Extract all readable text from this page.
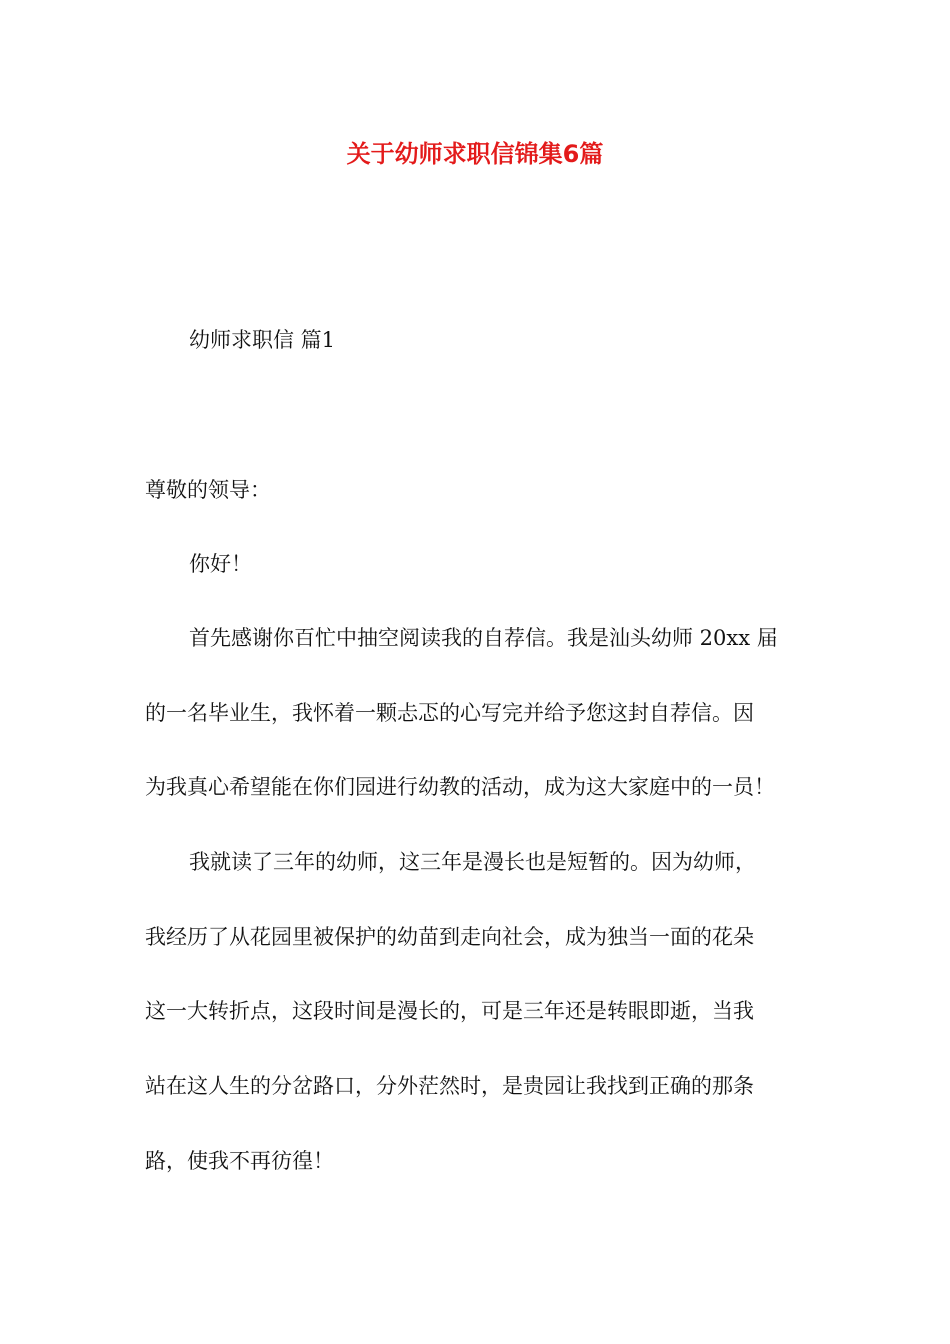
关于幼师求职信锦集6篇
幼师求职信 篇1
尊敬的领导：
你好！
首先感谢你百忙中抽空阅读我的自荐信。我是汕头幼师 20xx 届
的一名毕业生，我怀着一颗忐忑的心写完并给予您这封自荐信。因
为我真心希望能在你们园进行幼教的活动，成为这大家庭中的一员！
我就读了三年的幼师，这三年是漫长也是短暂的。因为幼师，
我经历了从花园里被保护的幼苗到走向社会，成为独当一面的花朵
这一大转折点，这段时间是漫长的，可是三年还是转眼即逝，当我
站在这人生的分岔路口，分外茫然时，是贵园让我找到正确的那条
路，使我不再彷徨！
